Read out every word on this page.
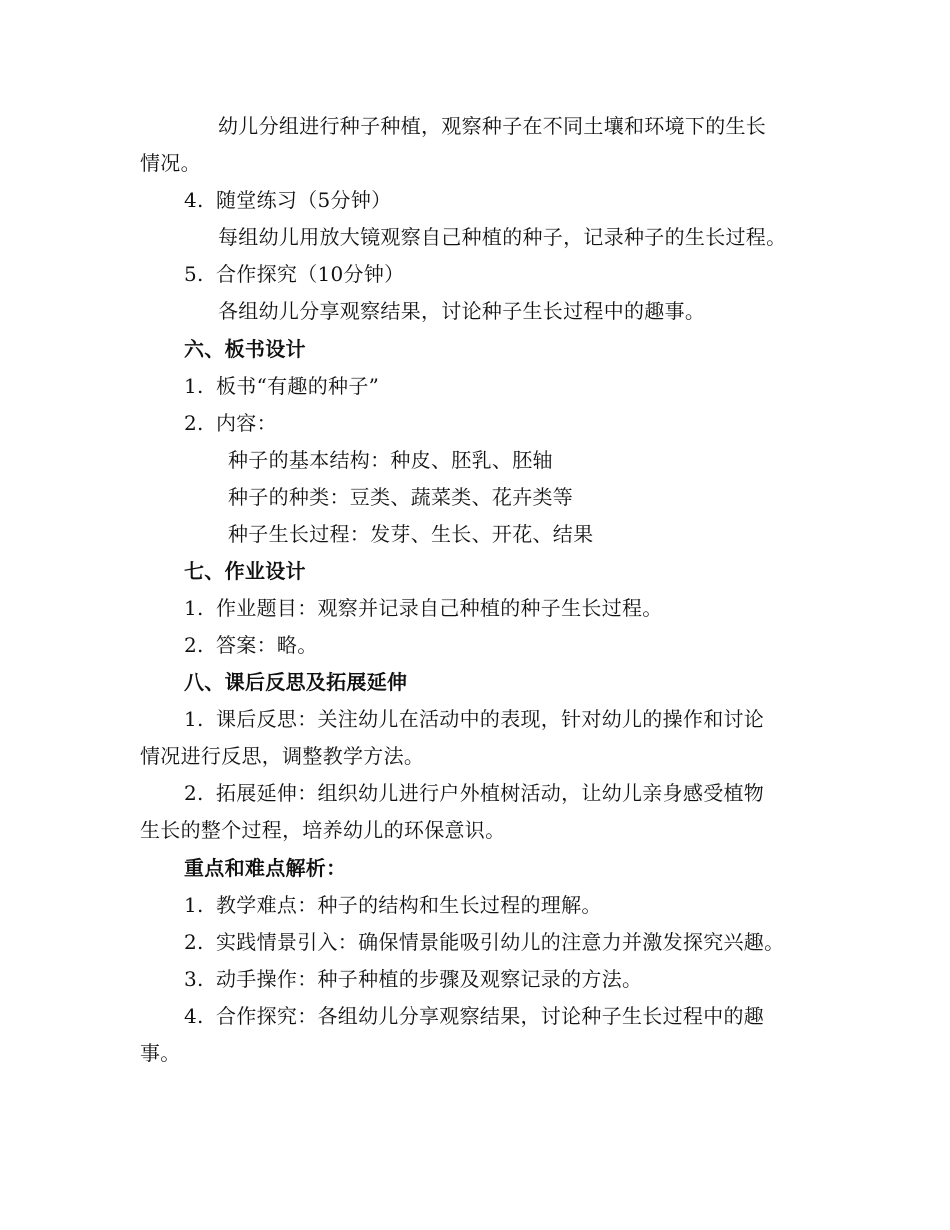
幼儿分组进行种子种植，观察种子在不同土壤和环境下的生长
情况。
4. 随堂练习（5分钟）
每组幼儿用放大镜观察自己种植的种子，记录种子的生长过程。
5. 合作探究（10分钟）
各组幼儿分享观察结果，讨论种子生长过程中的趣事。
六、板书设计
1. 板书“有趣的种子”
2. 内容：
种子的基本结构：种皮、胚乳、胚轴
种子的种类：豆类、蔬菜类、花卉类等
种子生长过程：发芽、生长、开花、结果
七、作业设计
1. 作业题目：观察并记录自己种植的种子生长过程。
2. 答案：略。
八、课后反思及拓展延伸
1. 课后反思：关注幼儿在活动中的表现，针对幼儿的操作和讨论
情况进行反思，调整教学方法。
2. 拓展延伸：组织幼儿进行户外植树活动，让幼儿亲身感受植物
生长的整个过程，培养幼儿的环保意识。
重点和难点解析：
1. 教学难点：种子的结构和生长过程的理解。
2. 实践情景引入：确保情景能吸引幼儿的注意力并激发探究兴趣。
3. 动手操作：种子种植的步骤及观察记录的方法。
4. 合作探究：各组幼儿分享观察结果，讨论种子生长过程中的趣
事。
